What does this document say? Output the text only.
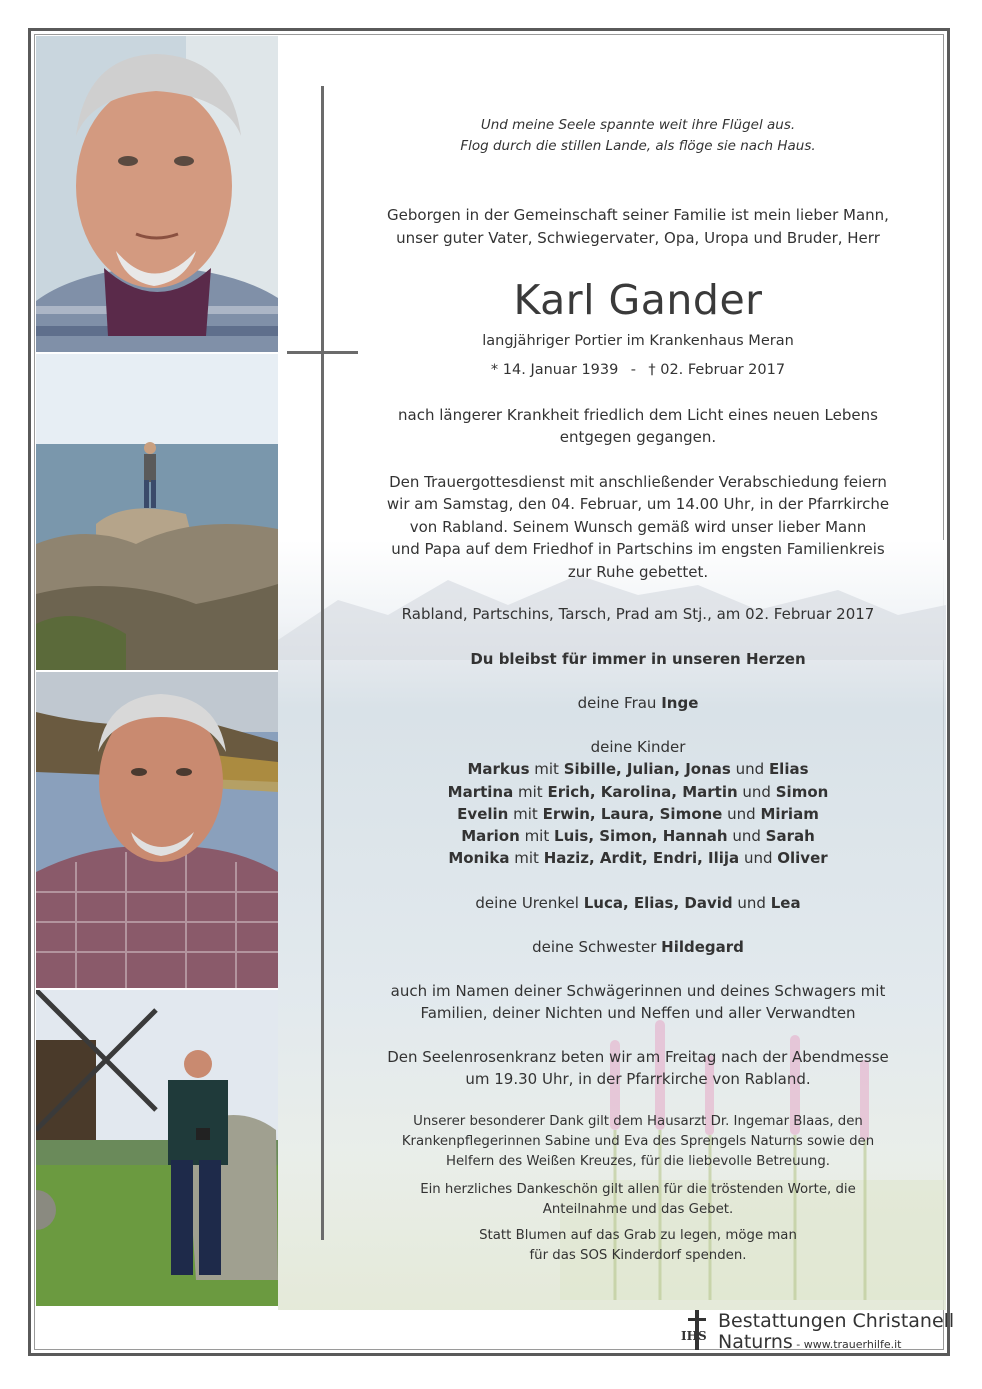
Und meine Seele spannte weit ihre Flügel aus.
Flog durch die stillen Lande, als flöge sie nach Haus.
Geborgen in der Gemeinschaft seiner Familie ist mein lieber Mann,
unser guter Vater, Schwiegervater, Opa, Uropa und Bruder, Herr
Karl Gander
langjähriger Portier im Krankenhaus Meran
* 14. Januar 1939 - † 02. Februar 2017
nach längerer Krankheit friedlich dem Licht eines neuen Lebens
entgegen gegangen.
Den Trauergottesdienst mit anschließender Verabschiedung feiern
wir am Samstag, den 04. Februar, um 14.00 Uhr, in der Pfarrkirche
von Rabland. Seinem Wunsch gemäß wird unser lieber Mann
und Papa auf dem Friedhof in Partschins im engsten Familienkreis
zur Ruhe gebettet.
Rabland, Partschins, Tarsch, Prad am Stj., am 02. Februar 2017
Du bleibst für immer in unseren Herzen
deine Frau Inge
deine Kinder
Markus mit Sibille, Julian, Jonas und Elias
Martina mit Erich, Karolina, Martin und Simon
Evelin mit Erwin, Laura, Simone und Miriam
Marion mit Luis, Simon, Hannah und Sarah
Monika mit Haziz, Ardit, Endri, Ilija und Oliver
deine Urenkel Luca, Elias, David und Lea
deine Schwester Hildegard
auch im Namen deiner Schwägerinnen und deines Schwagers mit
Familien, deiner Nichten und Neffen und aller Verwandten
Den Seelenrosenkranz beten wir am Freitag nach der Abendmesse
um 19.30 Uhr, in der Pfarrkirche von Rabland.
Unserer besonderer Dank gilt dem Hausarzt Dr. Ingemar Blaas, den
Krankenpflegerinnen Sabine und Eva des Sprengels Naturns sowie den
Helfern des Weißen Kreuzes, für die liebevolle Betreuung.
Ein herzliches Dankeschön gilt allen für die tröstenden Worte, die
Anteilnahme und das Gebet.
Statt Blumen auf das Grab zu legen, möge man
für das SOS Kinderdorf spenden.
IHS
Bestattungen Christanell
Naturns - www.trauerhilfe.it
